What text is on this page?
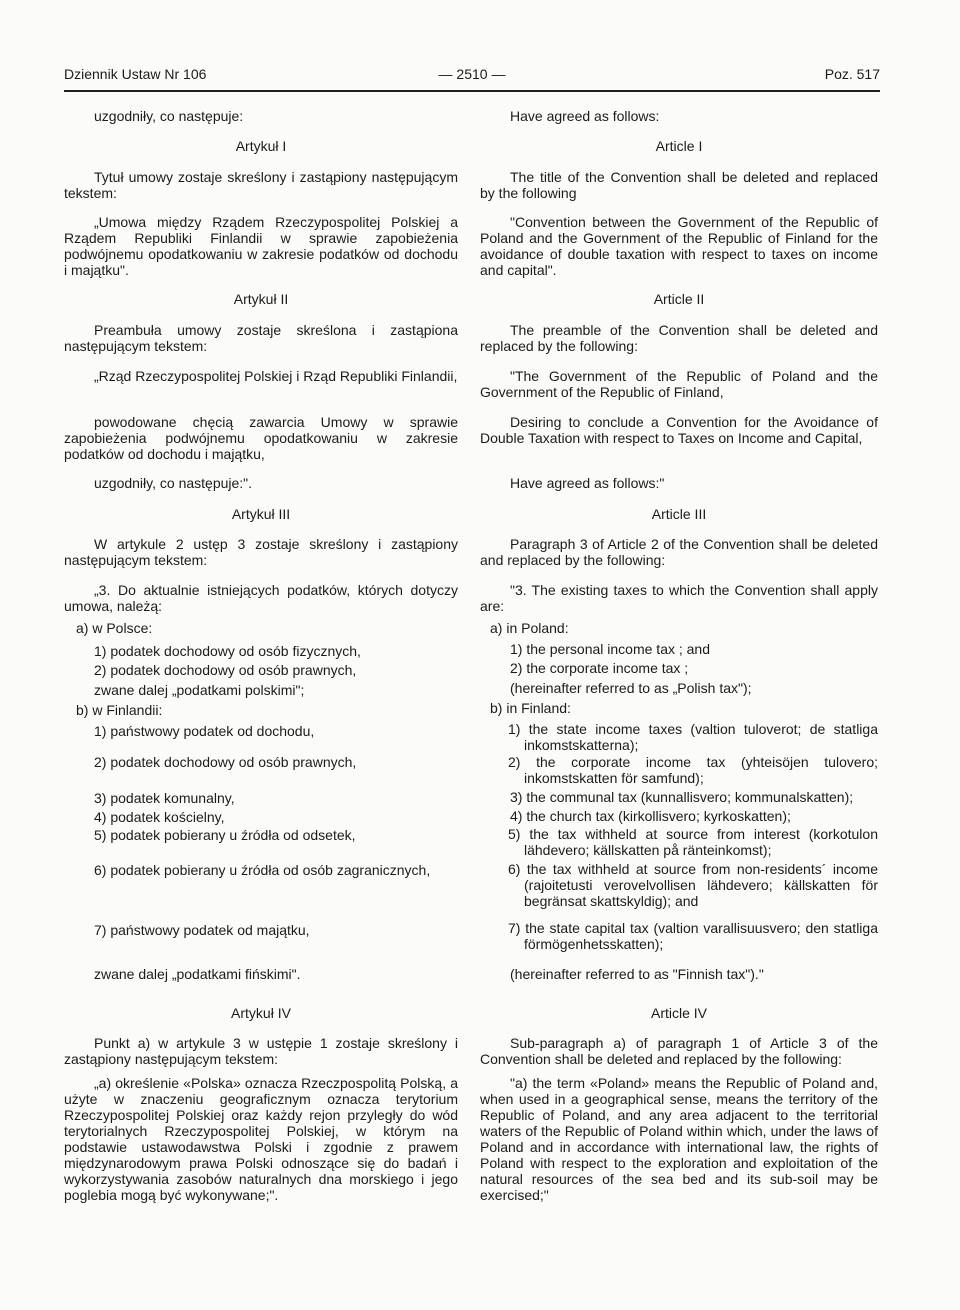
Dziennik Ustaw Nr 106	— 2510 —	Poz. 517

uzgodniły, co następuje:

Artykuł I

Tytuł umowy zostaje skreślony i zastąpiony następującym tekstem:

„Umowa między Rządem Rzeczypospolitej Polskiej a Rządem Republiki Finlandii w sprawie zapobieżenia podwójnemu opodatkowaniu w zakresie podatków od dochodu i majątku".

Artykuł II

Preambuła umowy zostaje skreślona i zastąpiona następującym tekstem:

„Rząd Rzeczypospolitej Polskiej i Rząd Republiki Finlandii,

powodowane chęcią zawarcia Umowy w sprawie zapobieżenia podwójnemu opodatkowaniu w zakresie podatków od dochodu i majątku,

uzgodniły, co następuje:".

Artykuł III

W artykule 2 ustęp 3 zostaje skreślony i zastąpiony następującym tekstem:

„3. Do aktualnie istniejących podatków, których dotyczy umowa, należą:

a) w Polsce:

1) podatek dochodowy od osób fizycznych,

2) podatek dochodowy od osób prawnych,

zwane dalej „podatkami polskimi";

b) w Finlandii:

1) państwowy podatek od dochodu,

2) podatek dochodowy od osób prawnych,

3) podatek komunalny,

4) podatek kościelny,

5) podatek pobierany u źródła od odsetek,

6) podatek pobierany u źródła od osób zagranicznych,

7) państwowy podatek od majątku,

zwane dalej „podatkami fińskimi".

Artykuł IV

Punkt a) w artykule 3 w ustępie 1 zostaje skreślony i zastąpiony następującym tekstem:

„a) określenie «Polska» oznacza Rzeczpospolitą Polską, a użyte w znaczeniu geograficznym oznacza terytorium Rzeczypospolitej Polskiej oraz każdy rejon przyległy do wód terytorialnych Rzeczypospolitej Polskiej, w którym na podstawie ustawodawstwa Polski i zgodnie z prawem międzynarodowym prawa Polski odnoszące się do badań i wykorzystywania zasobów naturalnych dna morskiego i jego poglebia mogą być wykonywane;".

Have agreed as follows:

Article I

The title of the Convention shall be deleted and replaced by the following

"Convention between the Government of the Republic of Poland and the Government of the Republic of Finland for the avoidance of double taxation with respect to taxes on income and capital".

Article II

The preamble of the Convention shall be deleted and replaced by the following:

"The Government of the Republic of Poland and the Government of the Republic of Finland,

Desiring to conclude a Convention for the Avoidance of Double Taxation with respect to Taxes on Income and Capital,

Have agreed as follows:"

Article III

Paragraph 3 of Article 2 of the Convention shall be deleted and replaced by the following:

"3. The existing taxes to which the Convention shall apply are:

a) in Poland:

1) the personal income tax ; and

2) the corporate income tax ;

(hereinafter referred to as „Polish tax");

b) in Finland:

1) the state income taxes (valtion tuloverot; de statliga inkomstskatterna);

2) the corporate income tax (yhteisöjen tulovero; inkomstskatten för samfund);

3) the communal tax (kunnallisvero; kommunalskatten);

4) the church tax (kirkollisvero; kyrkoskatten);

5) the tax withheld at source from interest (korkotulon lähdevero; källskatten på ränteinkomst);

6) the tax withheld at source from non-residents´ income (rajoitetusti verovelvollisen lähdevero; källskatten för begränsat skattskyldig); and

7) the state capital tax (valtion varallisuusvero; den statliga förmögenhetsskatten);

(hereinafter referred to as "Finnish tax")."

Article IV

Sub-paragraph a) of paragraph 1 of Article 3 of the Convention shall be deleted and replaced by the following:

"a) the term «Poland» means the Republic of Poland and, when used in a geographical sense, means the territory of the Republic of Poland, and any area adjacent to the territorial waters of the Republic of Poland within which, under the laws of Poland and in accordance with international law, the rights of Poland with respect to the exploration and exploitation of the natural resources of the sea bed and its sub-soil may be exercised;"
